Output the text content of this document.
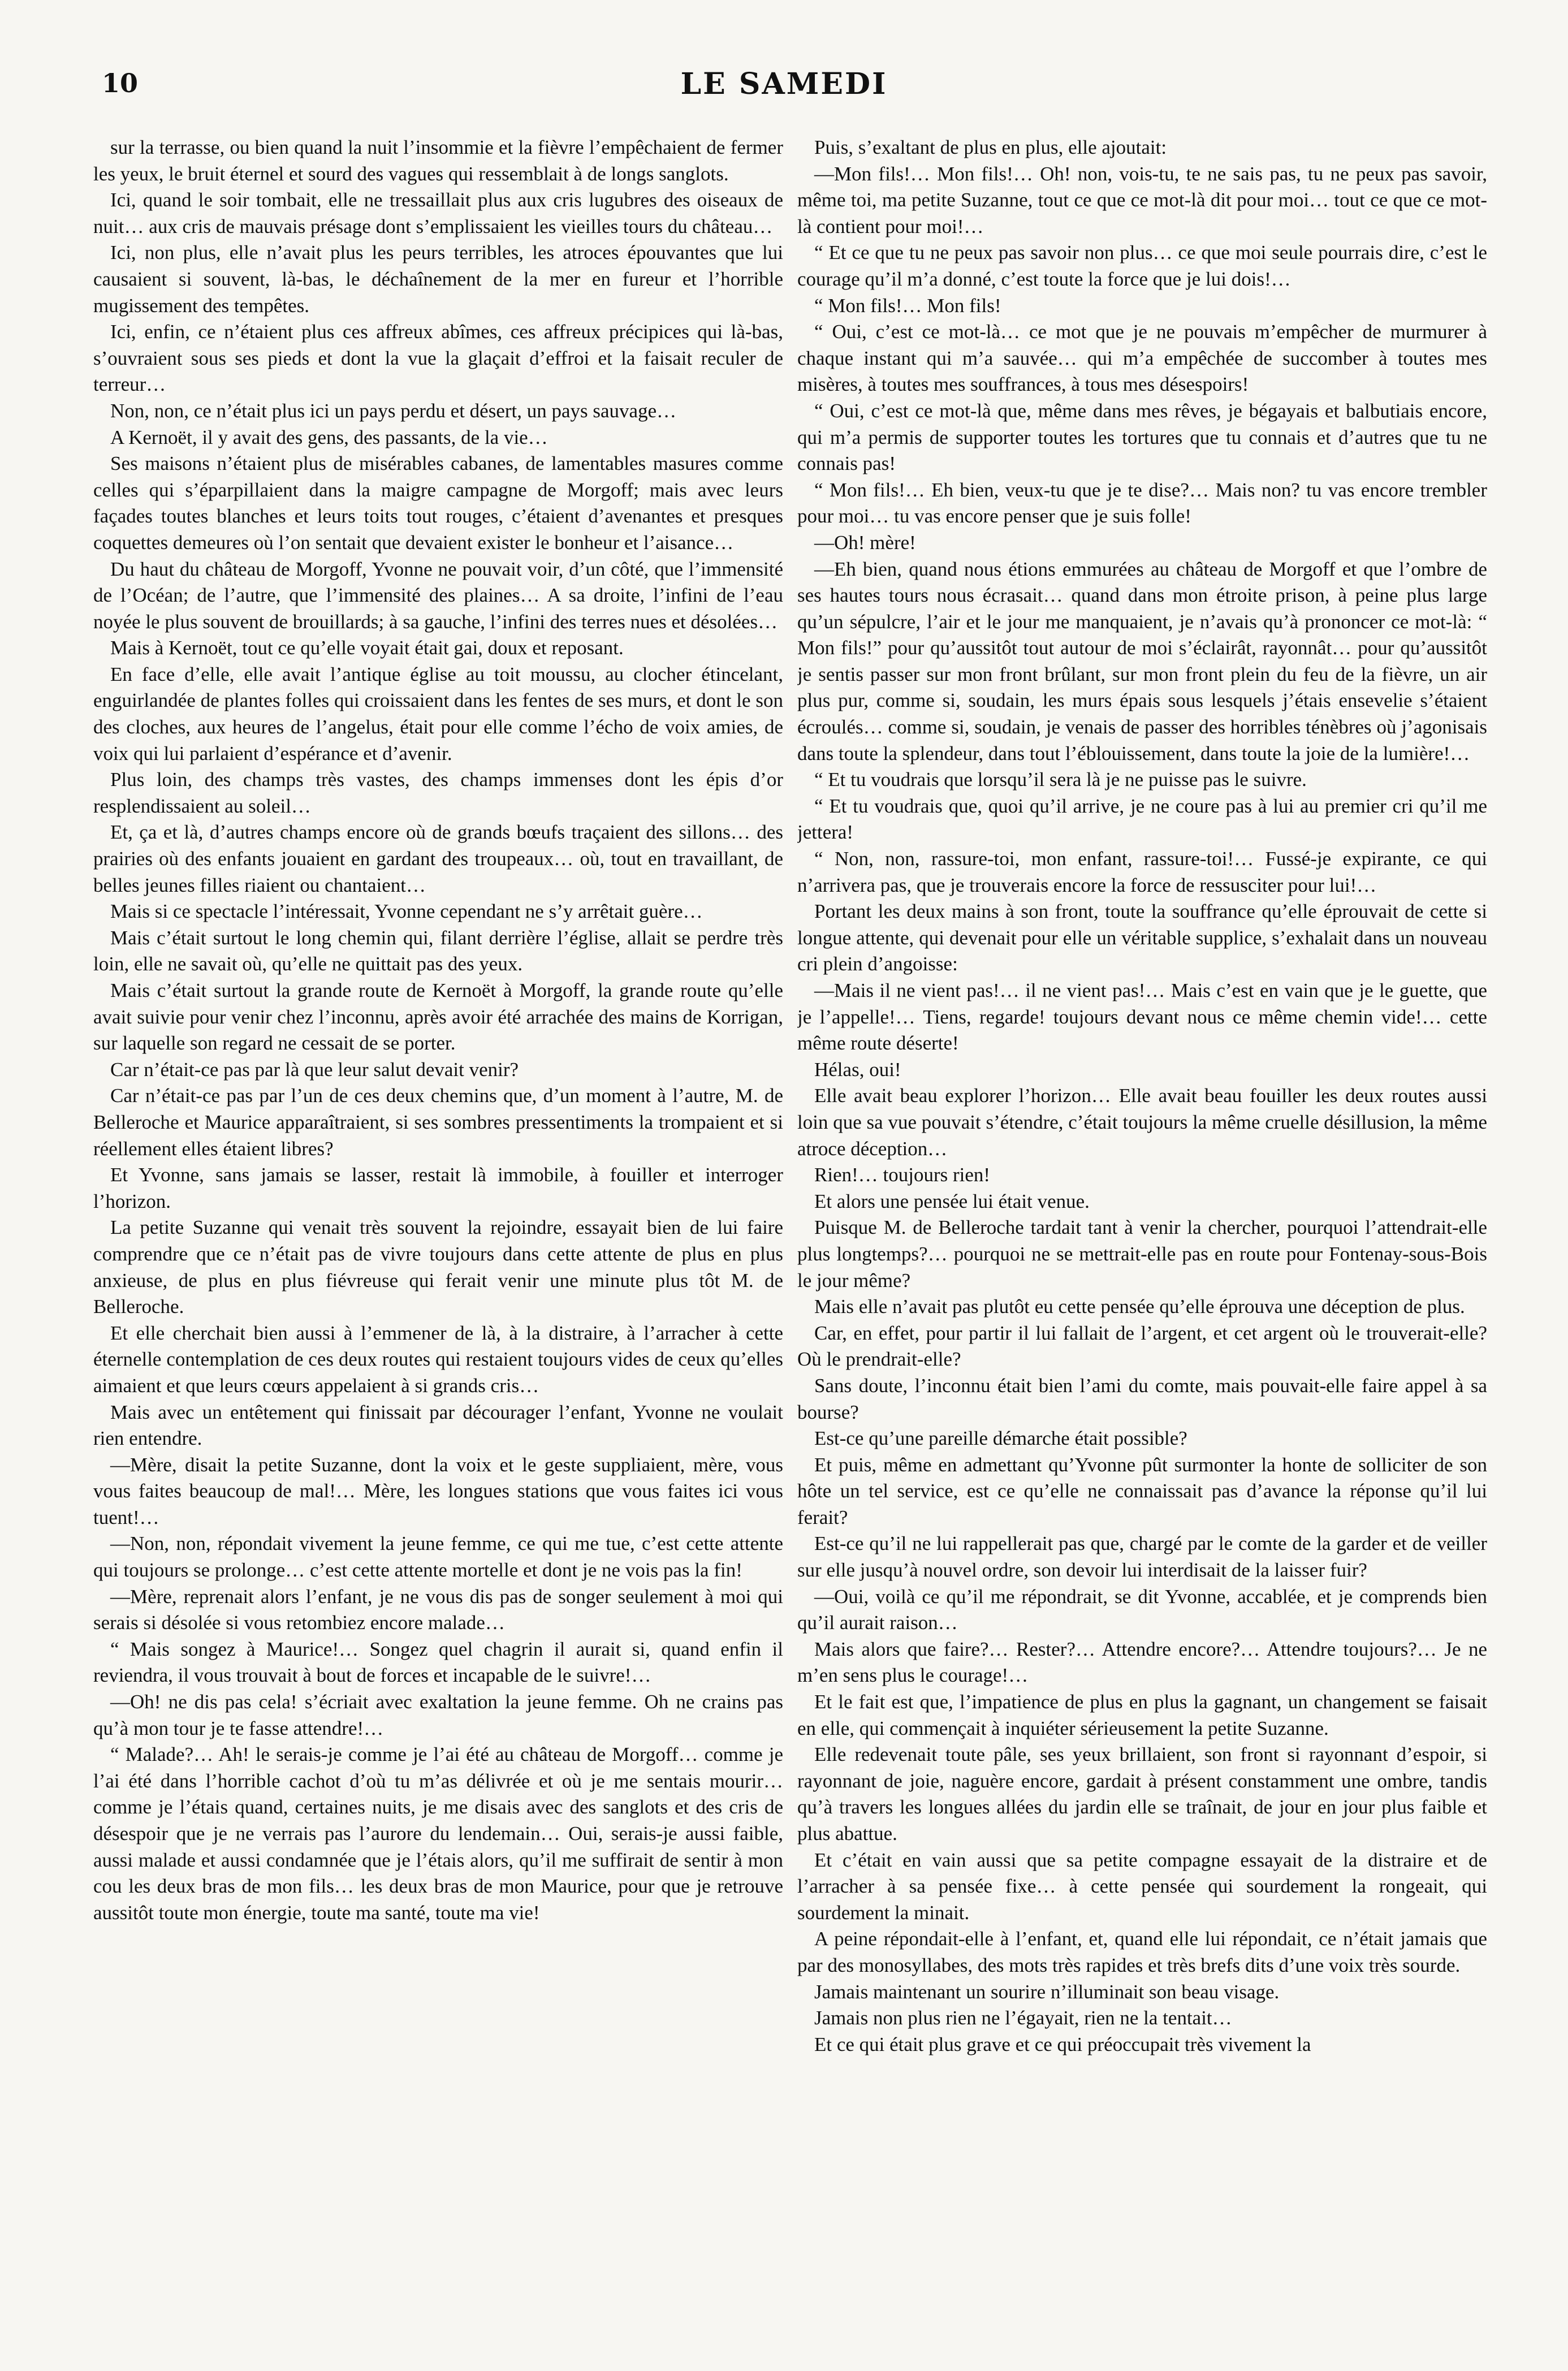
10	LE SAMEDI

sur la terrasse, ou bien quand la nuit l’insommie et la fièvre l’empêchaient de fermer les yeux, le bruit éternel et sourd des vagues qui ressemblait à de longs sanglots.

Ici, quand le soir tombait, elle ne tressaillait plus aux cris lugubres des oiseaux de nuit… aux cris de mauvais présage dont s’emplissaient les vieilles tours du château…

Ici, non plus, elle n’avait plus les peurs terribles, les atroces épouvantes que lui causaient si souvent, là-bas, le déchaînement de la mer en fureur et l’horrible mugissement des tempêtes.

Ici, enfin, ce n’étaient plus ces affreux abîmes, ces affreux précipices qui là-bas, s’ouvraient sous ses pieds et dont la vue la glaçait d’effroi et la faisait reculer de terreur…

Non, non, ce n’était plus ici un pays perdu et désert, un pays sauvage…

A Kernoët, il y avait des gens, des passants, de la vie…

Ses maisons n’étaient plus de misérables cabanes, de lamentables masures comme celles qui s’éparpillaient dans la maigre campagne de Morgoff; mais avec leurs façades toutes blanches et leurs toits tout rouges, c’étaient d’avenantes et presques coquettes demeures où l’on sentait que devaient exister le bonheur et l’aisance…

Du haut du château de Morgoff, Yvonne ne pouvait voir, d’un côté, que l’immensité de l’Océan; de l’autre, que l’immensité des plaines… A sa droite, l’infini de l’eau noyée le plus souvent de brouillards; à sa gauche, l’infini des terres nues et désolées…

Mais à Kernoët, tout ce qu’elle voyait était gai, doux et reposant.

En face d’elle, elle avait l’antique église au toit moussu, au clocher étincelant, enguirlandée de plantes folles qui croissaient dans les fentes de ses murs, et dont le son des cloches, aux heures de l’angelus, était pour elle comme l’écho de voix amies, de voix qui lui parlaient d’espérance et d’avenir.

Plus loin, des champs très vastes, des champs immenses dont les épis d’or resplendissaient au soleil…

Et, ça et là, d’autres champs encore où de grands bœufs traçaient des sillons… des prairies où des enfants jouaient en gardant des troupeaux… où, tout en travaillant, de belles jeunes filles riaient ou chantaient…

Mais si ce spectacle l’intéressait, Yvonne cependant ne s’y arrêtait guère…

Mais c’était surtout le long chemin qui, filant derrière l’église, allait se perdre très loin, elle ne savait où, qu’elle ne quittait pas des yeux.

Mais c’était surtout la grande route de Kernoët à Morgoff, la grande route qu’elle avait suivie pour venir chez l’inconnu, après avoir été arrachée des mains de Korrigan, sur laquelle son regard ne cessait de se porter.

Car n’était-ce pas par là que leur salut devait venir?

Car n’était-ce pas par l’un de ces deux chemins que, d’un moment à l’autre, M. de Belleroche et Maurice apparaîtraient, si ses sombres pressentiments la trompaient et si réellement elles étaient libres?

Et Yvonne, sans jamais se lasser, restait là immobile, à fouiller et interroger l’horizon.

La petite Suzanne qui venait très souvent la rejoindre, essayait bien de lui faire comprendre que ce n’était pas de vivre toujours dans cette attente de plus en plus anxieuse, de plus en plus fiévreuse qui ferait venir une minute plus tôt M. de Belleroche.

Et elle cherchait bien aussi à l’emmener de là, à la distraire, à l’arracher à cette éternelle contemplation de ces deux routes qui restaient toujours vides de ceux qu’elles aimaient et que leurs cœurs appelaient à si grands cris…

Mais avec un entêtement qui finissait par décourager l’enfant, Yvonne ne voulait rien entendre.

—Mère, disait la petite Suzanne, dont la voix et le geste suppliaient, mère, vous vous faites beaucoup de mal!… Mère, les longues stations que vous faites ici vous tuent!…

—Non, non, répondait vivement la jeune femme, ce qui me tue, c’est cette attente qui toujours se prolonge… c’est cette attente mortelle et dont je ne vois pas la fin!

—Mère, reprenait alors l’enfant, je ne vous dis pas de songer seulement à moi qui serais si désolée si vous retombiez encore malade…

“ Mais songez à Maurice!… Songez quel chagrin il aurait si, quand enfin il reviendra, il vous trouvait à bout de forces et incapable de le suivre!…

—Oh! ne dis pas cela! s’écriait avec exaltation la jeune femme. Oh ne crains pas qu’à mon tour je te fasse attendre!…

“ Malade?… Ah! le serais-je comme je l’ai été au château de Morgoff… comme je l’ai été dans l’horrible cachot d’où tu m’as délivrée et où je me sentais mourir… comme je l’étais quand, certaines nuits, je me disais avec des sanglots et des cris de désespoir que je ne verrais pas l’aurore du lendemain… Oui, serais-je aussi faible, aussi malade et aussi condamnée que je l’étais alors, qu’il me suffirait de sentir à mon cou les deux bras de mon fils… les deux bras de mon Maurice, pour que je retrouve aussitôt toute mon énergie, toute ma santé, toute ma vie!

Puis, s’exaltant de plus en plus, elle ajoutait:

—Mon fils!… Mon fils!… Oh! non, vois-tu, te ne sais pas, tu ne peux pas savoir, même toi, ma petite Suzanne, tout ce que ce mot-là dit pour moi… tout ce que ce mot-là contient pour moi!…

“ Et ce que tu ne peux pas savoir non plus… ce que moi seule pourrais dire, c’est le courage qu’il m’a donné, c’est toute la force que je lui dois!…

“ Mon fils!… Mon fils!

“ Oui, c’est ce mot-là… ce mot que je ne pouvais m’empêcher de murmurer à chaque instant qui m’a sauvée… qui m’a empêchée de succomber à toutes mes misères, à toutes mes souffrances, à tous mes désespoirs!

“ Oui, c’est ce mot-là que, même dans mes rêves, je bégayais et balbutiais encore, qui m’a permis de supporter toutes les tortures que tu connais et d’autres que tu ne connais pas!

“ Mon fils!… Eh bien, veux-tu que je te dise?… Mais non? tu vas encore trembler pour moi… tu vas encore penser que je suis folle!

—Oh! mère!

—Eh bien, quand nous étions emmurées au château de Morgoff et que l’ombre de ses hautes tours nous écrasait… quand dans mon étroite prison, à peine plus large qu’un sépulcre, l’air et le jour me manquaient, je n’avais qu’à prononcer ce mot-là: “ Mon fils!” pour qu’aussitôt tout autour de moi s’éclairât, rayonnât… pour qu’aussitôt je sentis passer sur mon front brûlant, sur mon front plein du feu de la fièvre, un air plus pur, comme si, soudain, les murs épais sous lesquels j’étais ensevelie s’étaient écroulés… comme si, soudain, je venais de passer des horribles ténèbres où j’agonisais dans toute la splendeur, dans tout l’éblouissement, dans toute la joie de la lumière!…

“ Et tu voudrais que lorsqu’il sera là je ne puisse pas le suivre.

“ Et tu voudrais que, quoi qu’il arrive, je ne coure pas à lui au premier cri qu’il me jettera!

“ Non, non, rassure-toi, mon enfant, rassure-toi!… Fussé-je expirante, ce qui n’arrivera pas, que je trouverais encore la force de ressusciter pour lui!…

Portant les deux mains à son front, toute la souffrance qu’elle éprouvait de cette si longue attente, qui devenait pour elle un véritable supplice, s’exhalait dans un nouveau cri plein d’angoisse:

—Mais il ne vient pas!… il ne vient pas!… Mais c’est en vain que je le guette, que je l’appelle!… Tiens, regarde! toujours devant nous ce même chemin vide!… cette même route déserte!

Hélas, oui!

Elle avait beau explorer l’horizon… Elle avait beau fouiller les deux routes aussi loin que sa vue pouvait s’étendre, c’était toujours la même cruelle désillusion, la même atroce déception…

Rien!… toujours rien!

Et alors une pensée lui était venue.

Puisque M. de Belleroche tardait tant à venir la chercher, pourquoi l’attendrait-elle plus longtemps?… pourquoi ne se mettrait-elle pas en route pour Fontenay-sous-Bois le jour même?

Mais elle n’avait pas plutôt eu cette pensée qu’elle éprouva une déception de plus.

Car, en effet, pour partir il lui fallait de l’argent, et cet argent où le trouverait-elle? Où le prendrait-elle?

Sans doute, l’inconnu était bien l’ami du comte, mais pouvait-elle faire appel à sa bourse?

Est-ce qu’une pareille démarche était possible?

Et puis, même en admettant qu’Yvonne pût surmonter la honte de solliciter de son hôte un tel service, est ce qu’elle ne connaissait pas d’avance la réponse qu’il lui ferait?

Est-ce qu’il ne lui rappellerait pas que, chargé par le comte de la garder et de veiller sur elle jusqu’à nouvel ordre, son devoir lui interdisait de la laisser fuir?

—Oui, voilà ce qu’il me répondrait, se dit Yvonne, accablée, et je comprends bien qu’il aurait raison…

Mais alors que faire?… Rester?… Attendre encore?… Attendre toujours?… Je ne m’en sens plus le courage!…

Et le fait est que, l’impatience de plus en plus la gagnant, un changement se faisait en elle, qui commençait à inquiéter sérieusement la petite Suzanne.

Elle redevenait toute pâle, ses yeux brillaient, son front si rayonnant d’espoir, si rayonnant de joie, naguère encore, gardait à présent constamment une ombre, tandis qu’à travers les longues allées du jardin elle se traînait, de jour en jour plus faible et plus abattue.

Et c’était en vain aussi que sa petite compagne essayait de la distraire et de l’arracher à sa pensée fixe… à cette pensée qui sourdement la rongeait, qui sourdement la minait.

A peine répondait-elle à l’enfant, et, quand elle lui répondait, ce n’était jamais que par des monosyllabes, des mots très rapides et très brefs dits d’une voix très sourde.

Jamais maintenant un sourire n’illuminait son beau visage.

Jamais non plus rien ne l’égayait, rien ne la tentait…

Et ce qui était plus grave et ce qui préoccupait très vivement la
